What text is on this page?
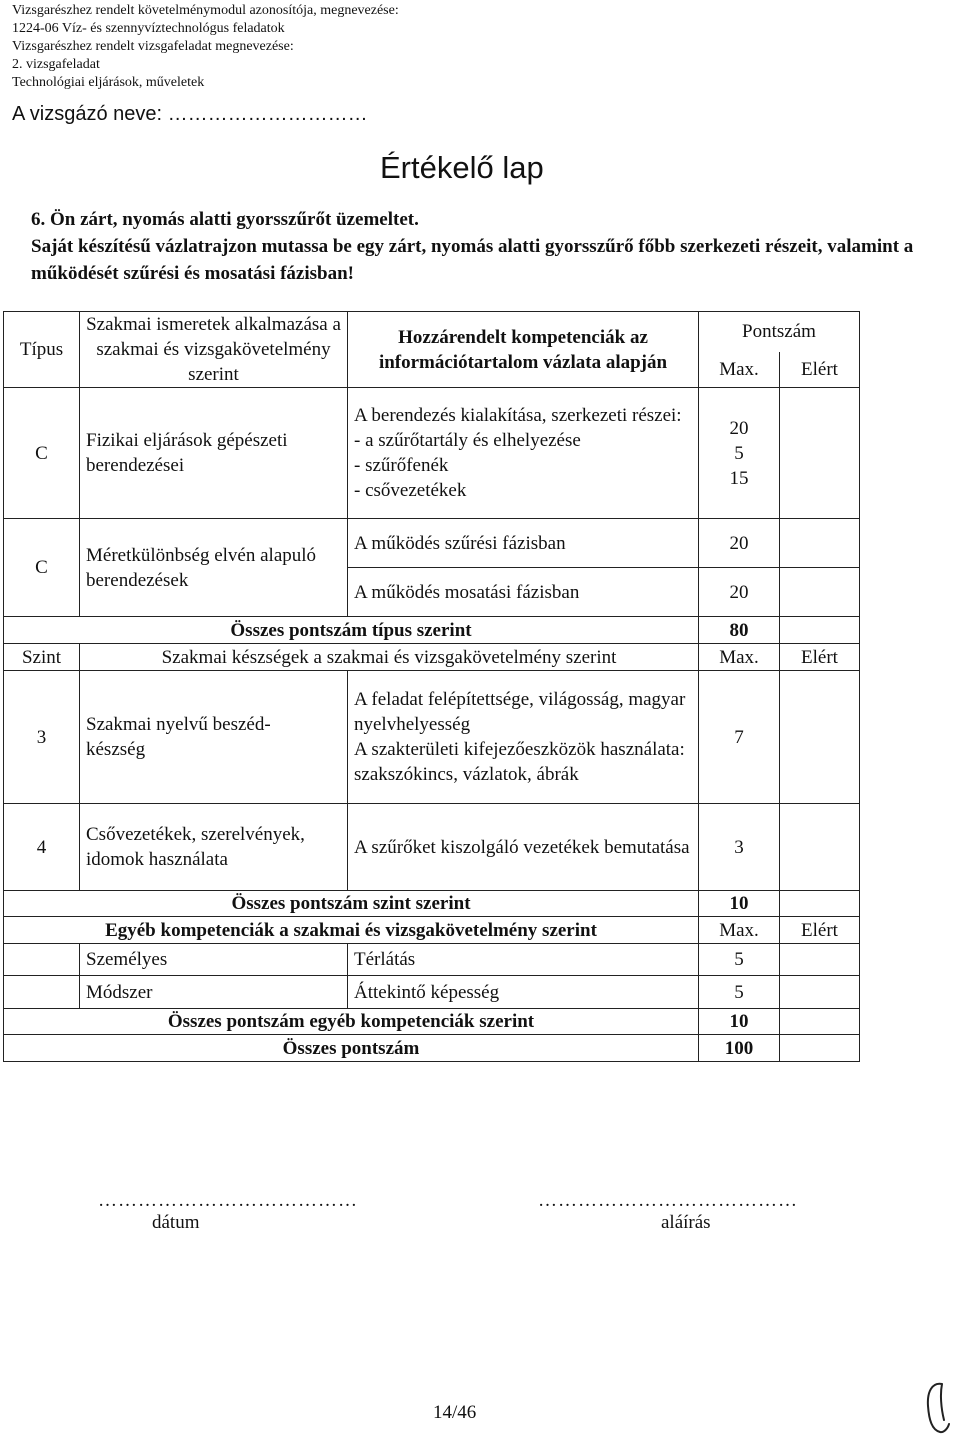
Vizsgarészhez rendelt követelménymodul azonosítója, megnevezése:
1224-06 Víz- és szennyvíztechnológus feladatok
Vizsgarészhez rendelt vizsgafeladat megnevezése:
2. vizsgafeladat
Technológiai eljárások, műveletek
A vizsgázó neve: …………………………
Értékelő lap
6. Ön zárt, nyomás alatti gyorsszűrőt üzemeltet.
Saját készítésű vázlatrajzon mutassa be egy zárt, nyomás alatti gyorsszűrő főbb szerkezeti részeit, valamint a működését szűrési és mosatási fázisban!
Típus	Szakmai ismeretek alkalmazása a szakmai és vizsgakövetelmény szerint	Hozzárendelt kompetenciák az információtartalom vázlata alapján	Pontszám	
			Max.	Elért
C	Fizikai eljárások gépészeti berendezései	A berendezés kialakítása, szerkezeti részei:
- a szűrőtartály és elhelyezése
- szűrőfenék
- csővezetékek	20
5
15	
C	Méretkülönbség elvén alapuló berendezések	A működés szűrési fázisban	20	
		A működés mosatási fázisban	20	
Összes pontszám típus szerint			80	
Szint	Szakmai készségek a szakmai és vizsgakövetelmény szerint		Max.	Elért
3	Szakmai nyelvű beszéd-
készség	A feladat felépítettsége, világosság, magyar nyelvhelyesség
A szakterületi kifejezőeszközök használata: szakszókincs, vázlatok, ábrák	7	
4	Csővezetékek, szerelvények, idomok használata	A szűrőket kiszolgáló vezetékek bemutatása	3	
Összes pontszám szint szerint			10	
Egyéb kompetenciák a szakmai és vizsgakövetelmény szerint			Max.	Elért
	Személyes	Térlátás	5	
	Módszer	Áttekintő képesség	5	
Összes pontszám egyéb kompetenciák szerint			10	
Összes pontszám			100	
…………………………………
dátum
…………………………………
aláírás
14/46
